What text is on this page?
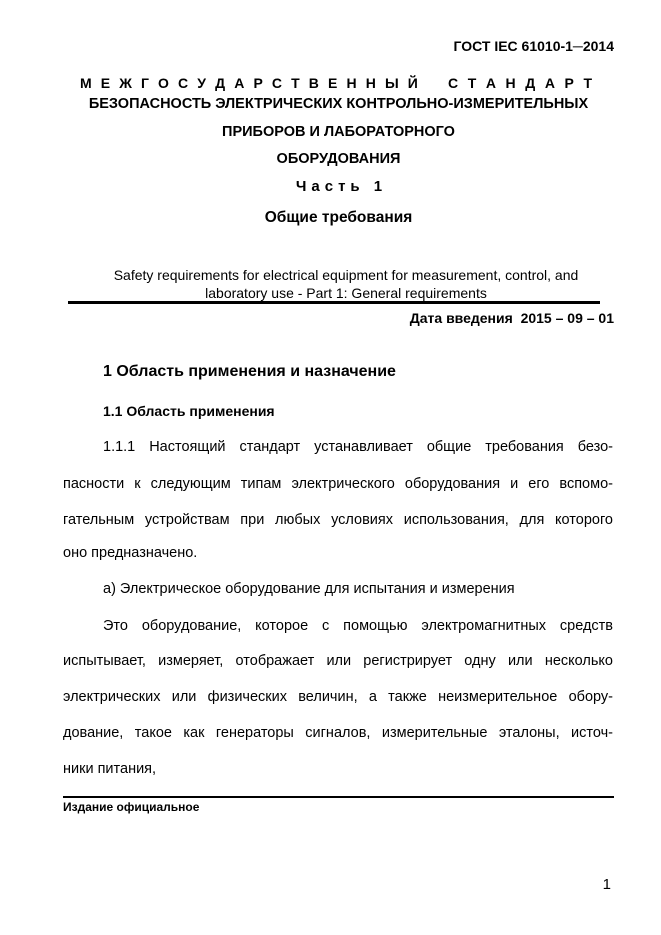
ГОСТ IEC 61010-1─2014
М Е Ж Г О С У Д А Р С Т В Е Н Н Ы Й С Т А Н Д А Р Т
БЕЗОПАСНОСТЬ ЭЛЕКТРИЧЕСКИХ КОНТРОЛЬНО-ИЗМЕРИТЕЛЬНЫХ
ПРИБОРОВ И ЛАБОРАТОРНОГО
ОБОРУДОВАНИЯ
Часть 1
Общие требования
Safety requirements for electrical equipment for measurement, control, and
laboratory use - Part 1: General requirements
Дата введения  2015 – 09 – 01
1 Область применения и назначение
1.1 Область применения
1.1.1 Настоящий стандарт устанавливает общие требования безо-
пасности к следующим типам электрического оборудования и его вспомо-
гательным устройствам при любых условиях использования, для которого
оно предназначено.
а) Электрическое оборудование для испытания и измерения
Это оборудование, которое с помощью электромагнитных средств
испытывает, измеряет, отображает или регистрирует одну или несколько
электрических или физических величин, а также неизмерительное обору-
дование, такое как генераторы сигналов, измерительные эталоны, источ-
ники питания,
Издание официальное
1
